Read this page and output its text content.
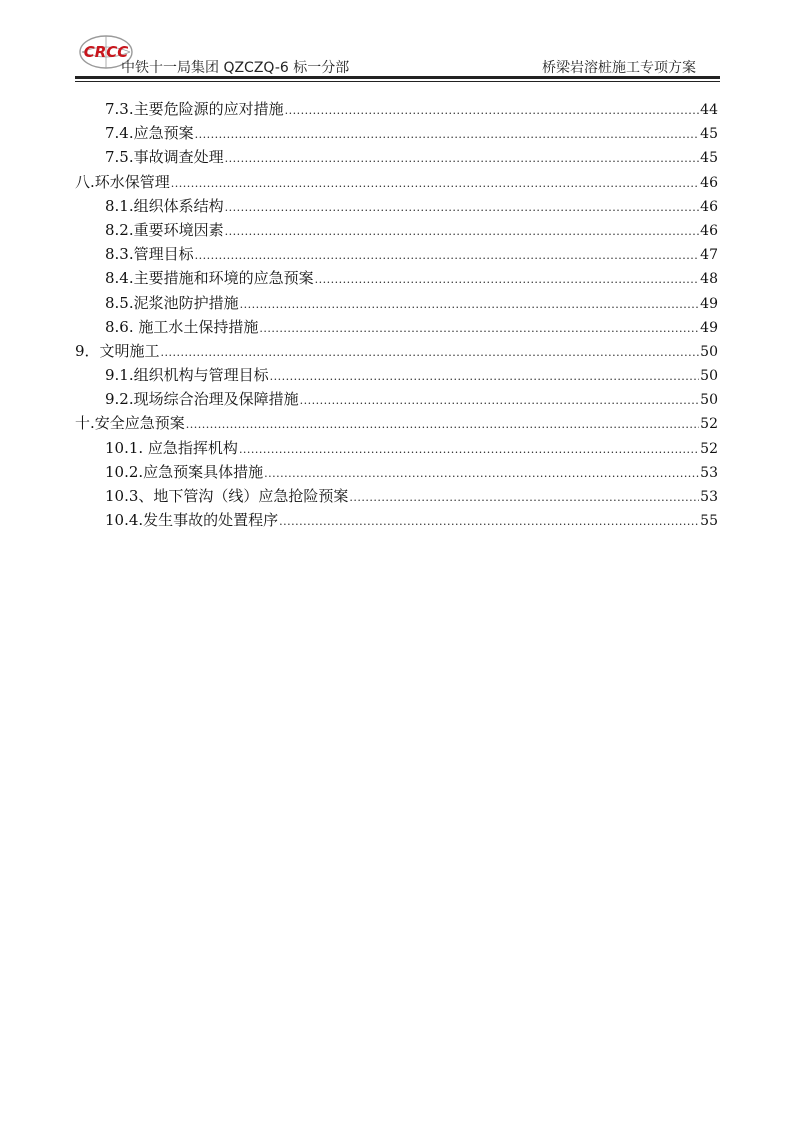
CRCC
中铁十一局集团 QZCZQ-6 标一分部	桥梁岩溶桩施工专项方案
7.3.主要危险源的应对措施 .....	44
7.4.应急预案 .....	45
7.5.事故调查处理 .....	45
八.环水保管理 .....	46
8.1.组织体系结构 .....	46
8.2.重要环境因素 .....	46
8.3.管理目标 .....	47
8.4.主要措施和环境的应急预案 .....	48
8.5.泥浆池防护措施 .....	49
8.6. 施工水土保持措施 .....	49
9．文明施工 .....	50
9.1.组织机构与管理目标 .....	50
9.2.现场综合治理及保障措施 .....	50
十.安全应急预案 .....	52
10.1. 应急指挥机构 .....	52
10.2.应急预案具体措施 .....	53
10.3、地下管沟（线）应急抢险预案 .....	53
10.4.发生事故的处置程序 .....	55
